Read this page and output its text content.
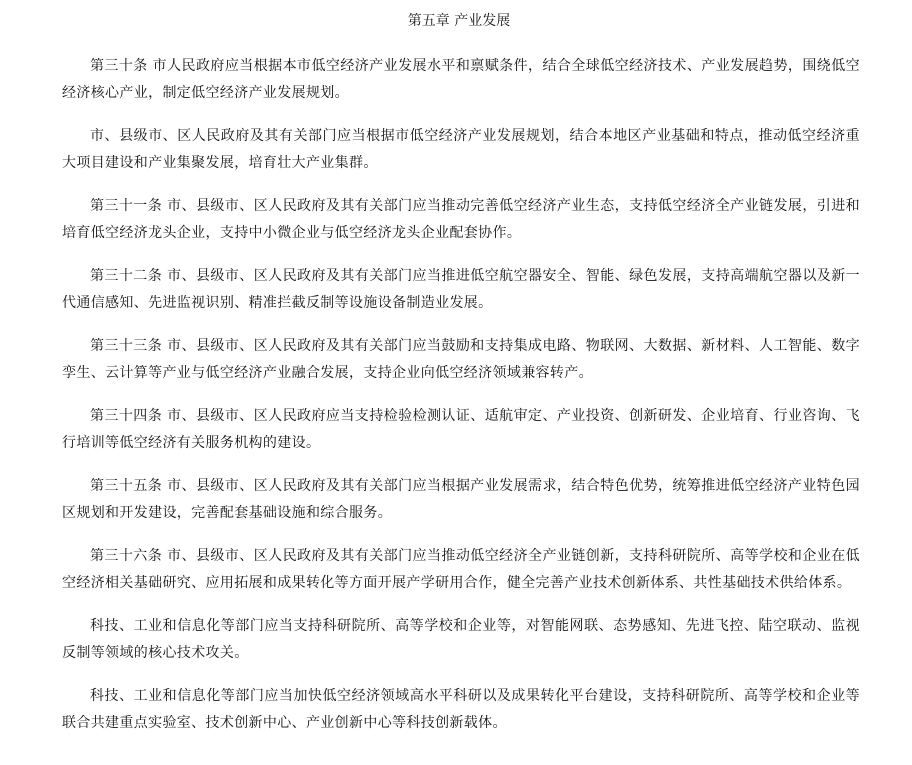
第五章 产业发展

第三十条 市人民政府应当根据本市低空经济产业发展水平和禀赋条件，结合全球低空经济技术、产业发展趋势，围绕低空经济核心产业，制定低空经济产业发展规划。

市、县级市、区人民政府及其有关部门应当根据市低空经济产业发展规划，结合本地区产业基础和特点，推动低空经济重大项目建设和产业集聚发展，培育壮大产业集群。

第三十一条 市、县级市、区人民政府及其有关部门应当推动完善低空经济产业生态，支持低空经济全产业链发展，引进和培育低空经济龙头企业，支持中小微企业与低空经济龙头企业配套协作。

第三十二条 市、县级市、区人民政府及其有关部门应当推进低空航空器安全、智能、绿色发展，支持高端航空器以及新一代通信感知、先进监视识别、精准拦截反制等设施设备制造业发展。

第三十三条 市、县级市、区人民政府及其有关部门应当鼓励和支持集成电路、物联网、大数据、新材料、人工智能、数字孪生、云计算等产业与低空经济产业融合发展，支持企业向低空经济领域兼容转产。

第三十四条 市、县级市、区人民政府应当支持检验检测认证、适航审定、产业投资、创新研发、企业培育、行业咨询、飞行培训等低空经济有关服务机构的建设。

第三十五条 市、县级市、区人民政府及其有关部门应当根据产业发展需求，结合特色优势，统筹推进低空经济产业特色园区规划和开发建设，完善配套基础设施和综合服务。

第三十六条 市、县级市、区人民政府及其有关部门应当推动低空经济全产业链创新，支持科研院所、高等学校和企业在低空经济相关基础研究、应用拓展和成果转化等方面开展产学研用合作，健全完善产业技术创新体系、共性基础技术供给体系。

科技、工业和信息化等部门应当支持科研院所、高等学校和企业等，对智能网联、态势感知、先进飞控、陆空联动、监视反制等领域的核心技术攻关。

科技、工业和信息化等部门应当加快低空经济领域高水平科研以及成果转化平台建设，支持科研院所、高等学校和企业等联合共建重点实验室、技术创新中心、产业创新中心等科技创新载体。
